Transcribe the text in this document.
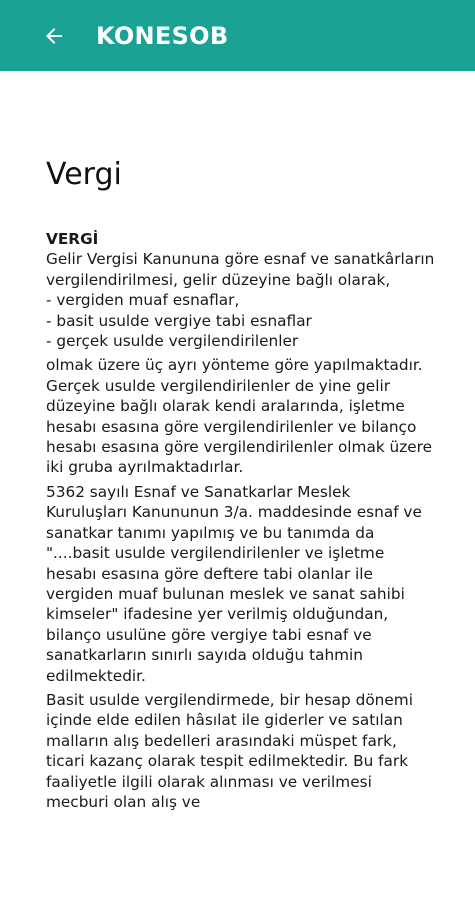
KONESOB
Vergi

VERGİ

Gelir Vergisi Kanununa göre esnaf ve sanatkârların vergilendirilmesi, gelir düzeyine bağlı olarak,

- vergiden muaf esnaflar,

- basit usulde vergiye tabi esnaflar

- gerçek usulde vergilendirilenler

olmak üzere üç ayrı yönteme göre yapılmaktadır. Gerçek usulde vergilendirilenler de yine gelir düzeyine bağlı olarak kendi aralarında, işletme hesabı esasına göre vergilendirilenler ve bilanço hesabı esasına göre vergilendirilenler olmak üzere iki gruba ayrılmaktadırlar.

5362 sayılı Esnaf ve Sanatkarlar Meslek Kuruluşları Kanununun 3/a. maddesinde esnaf ve sanatkar tanımı yapılmış ve bu tanımda da "....basit usulde vergilendirilenler ve işletme hesabı esasına göre deftere tabi olanlar ile vergiden muaf bulunan meslek ve sanat sahibi kimseler" ifadesine yer verilmiş olduğundan, bilanço usulüne göre vergiye tabi esnaf ve sanatkarların sınırlı sayıda olduğu tahmin edilmektedir.

Basit usulde vergilendirmede, bir hesap dönemi içinde elde edilen hâsılat ile giderler ve satılan malların alış bedelleri arasındaki müspet fark, ticari kazanç olarak tespit edilmektedir. Bu fark faaliyetle ilgili olarak alınması ve verilmesi mecburi olan alış ve
